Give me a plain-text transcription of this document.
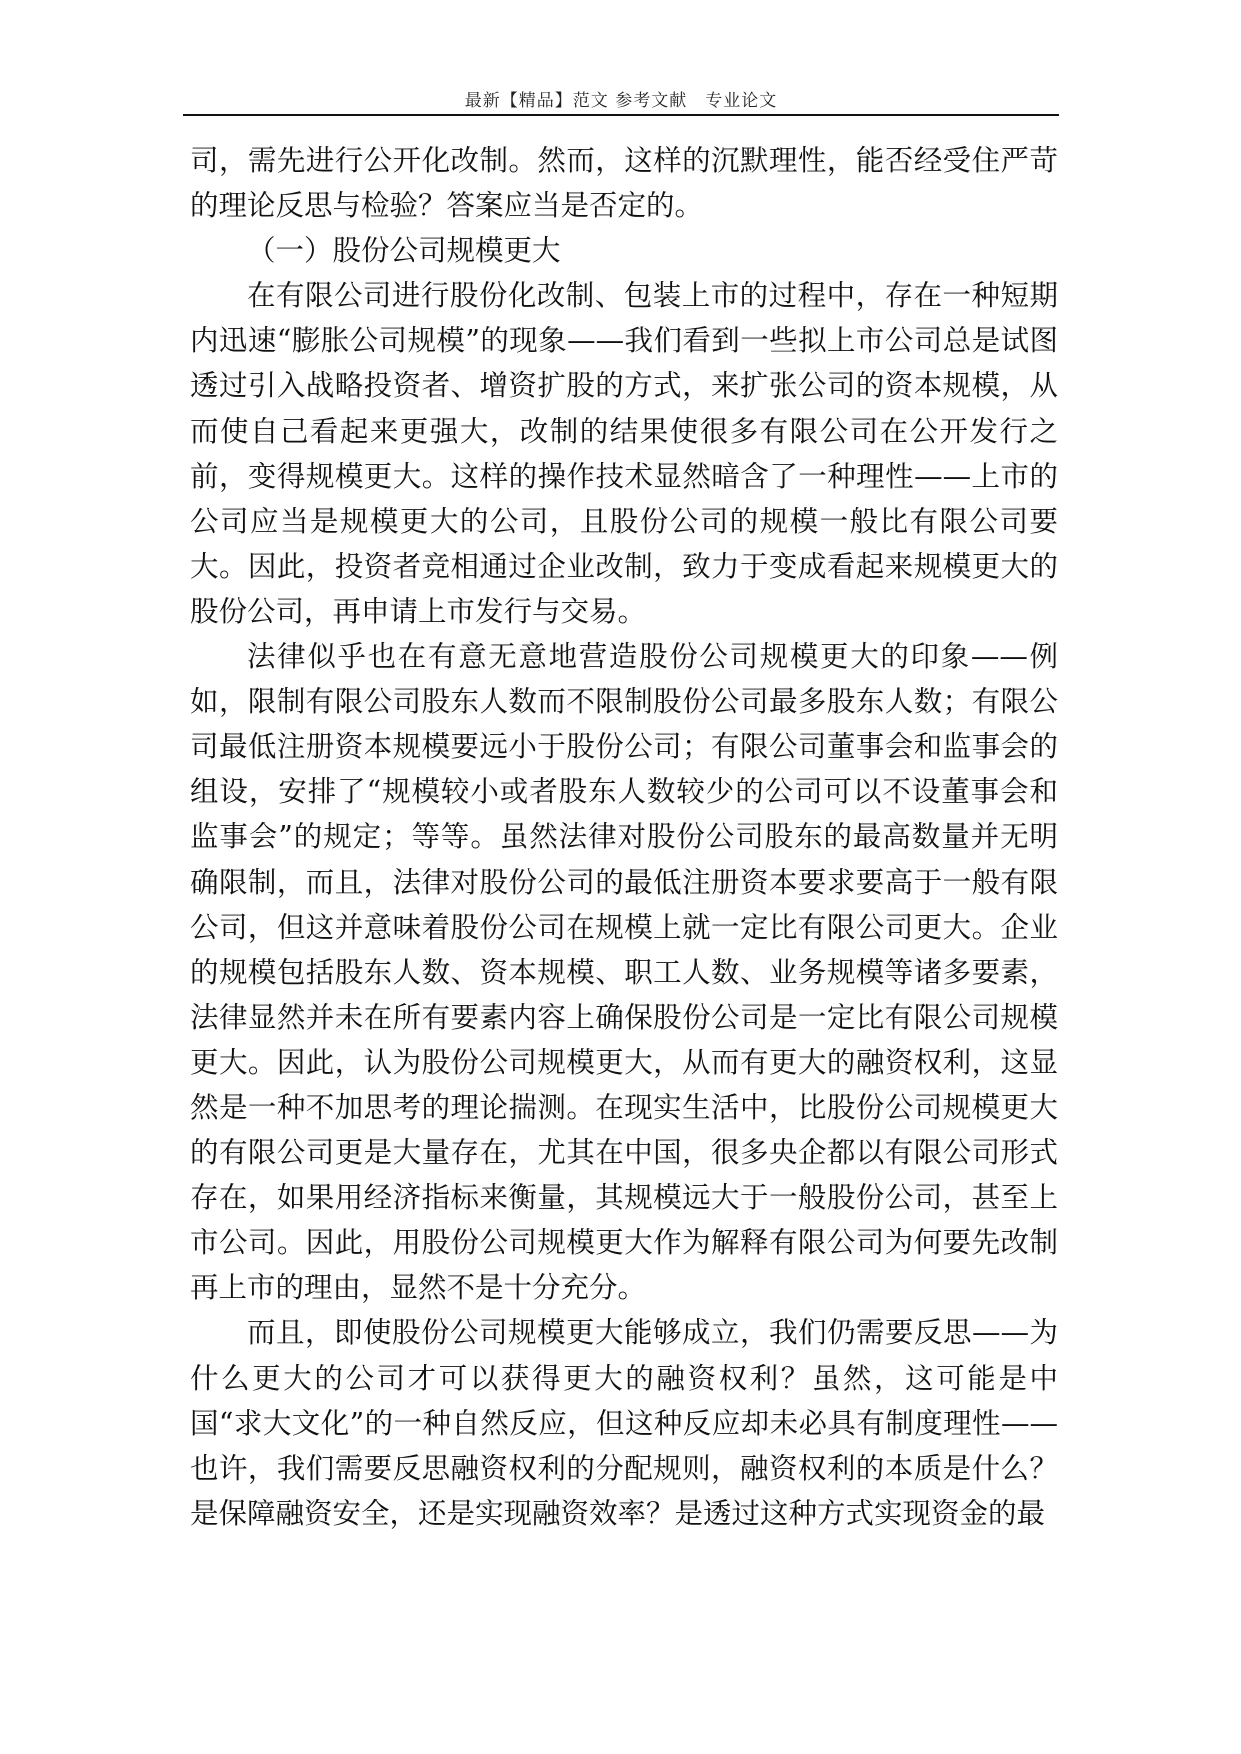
最新【精品】范文 参考文献　专业论文

司，需先进行公开化改制。然而，这样的沉默理性，能否经受住严苛的理论反思与检验？答案应当是否定的。

（一）股份公司规模更大

在有限公司进行股份化改制、包装上市的过程中，存在一种短期内迅速“膨胀公司规模”的现象——我们看到一些拟上市公司总是试图透过引入战略投资者、增资扩股的方式，来扩张公司的资本规模，从而使自己看起来更强大，改制的结果使很多有限公司在公开发行之前，变得规模更大。这样的操作技术显然暗含了一种理性——上市的公司应当是规模更大的公司，且股份公司的规模一般比有限公司要大。因此，投资者竞相通过企业改制，致力于变成看起来规模更大的股份公司，再申请上市发行与交易。

法律似乎也在有意无意地营造股份公司规模更大的印象——例如，限制有限公司股东人数而不限制股份公司最多股东人数；有限公司最低注册资本规模要远小于股份公司；有限公司董事会和监事会的组设，安排了“规模较小或者股东人数较少的公司可以不设董事会和监事会”的规定；等等。虽然法律对股份公司股东的最高数量并无明确限制，而且，法律对股份公司的最低注册资本要求要高于一般有限公司，但这并意味着股份公司在规模上就一定比有限公司更大。企业的规模包括股东人数、资本规模、职工人数、业务规模等诸多要素，法律显然并未在所有要素内容上确保股份公司是一定比有限公司规模更大。因此，认为股份公司规模更大，从而有更大的融资权利，这显然是一种不加思考的理论揣测。在现实生活中，比股份公司规模更大的有限公司更是大量存在，尤其在中国，很多央企都以有限公司形式存在，如果用经济指标来衡量，其规模远大于一般股份公司，甚至上市公司。因此，用股份公司规模更大作为解释有限公司为何要先改制再上市的理由，显然不是十分充分。

而且，即使股份公司规模更大能够成立，我们仍需要反思——为什么更大的公司才可以获得更大的融资权利？虽然，这可能是中国“求大文化”的一种自然反应，但这种反应却未必具有制度理性——也许，我们需要反思融资权利的分配规则，融资权利的本质是什么？是保障融资安全，还是实现融资效率？是透过这种方式实现资金的最
